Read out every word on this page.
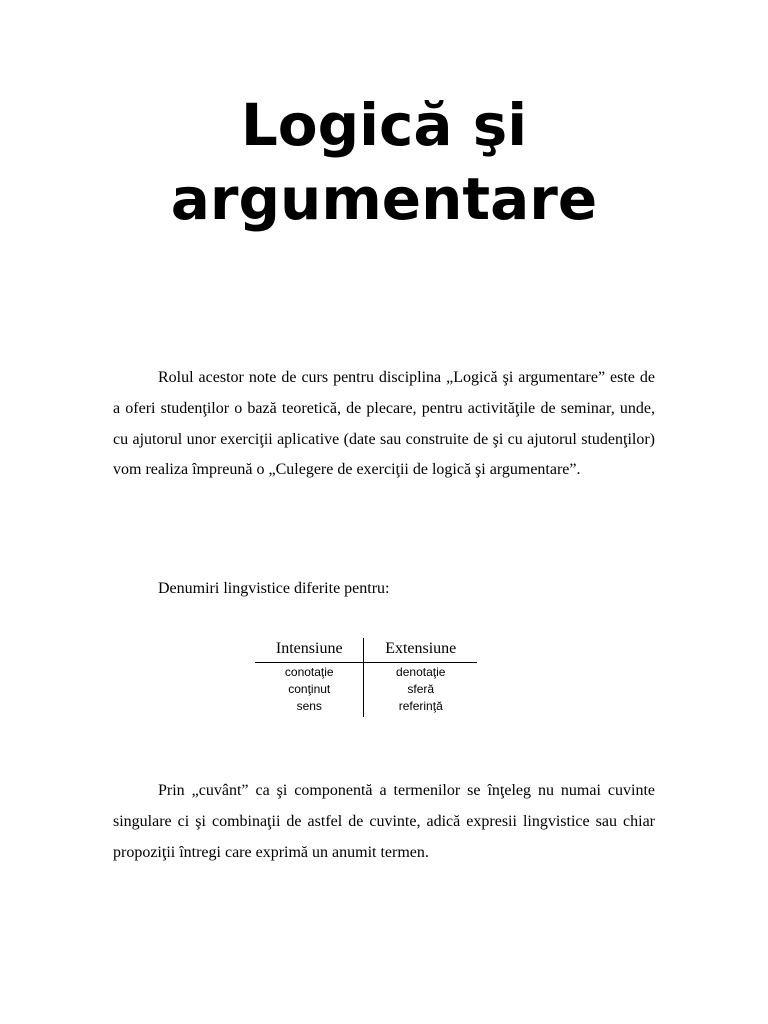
Logică şi
argumentare

Rolul acestor note de curs pentru disciplina „Logică şi argumentare” este de a oferi studenţilor o bază teoretică, de plecare, pentru activităţile de seminar, unde, cu ajutorul unor exerciţii aplicative (date sau construite de şi cu ajutorul studenţilor) vom realiza împreună o „Culegere de exerciţii de logică şi argumentare”.

Denumiri lingvistice diferite pentru:

Intensiune	Extensiune
conotaţie	denotaţie
conţinut	sferă
sens	referinţă

Prin „cuvânt” ca şi componentă a termenilor se înţeleg nu numai cuvinte singulare ci şi combinaţii de astfel de cuvinte, adică expresii lingvistice sau chiar propoziţii întregi care exprimă un anumit termen.
